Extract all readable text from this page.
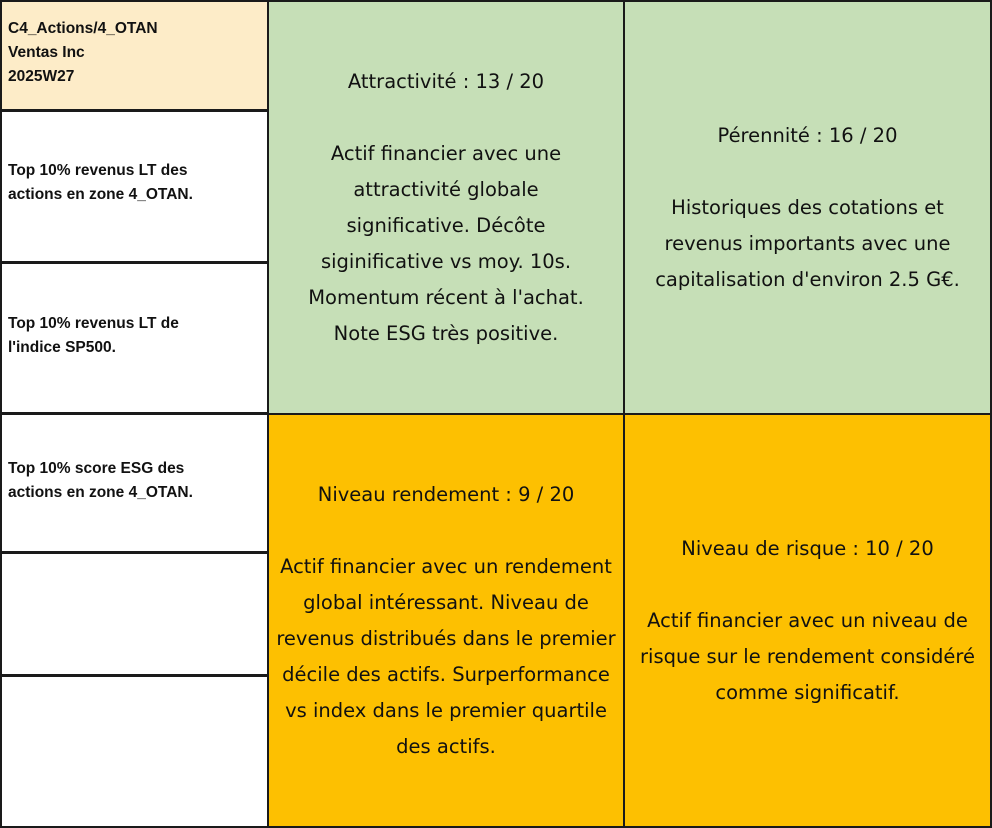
C4_Actions/4_OTAN
Ventas Inc
2025W27
Top 10% revenus LT des
actions en zone 4_OTAN.
Top 10% revenus LT de
l'indice SP500.
Top 10% score ESG des
actions en zone 4_OTAN.
Attractivité : 13 / 20
Actif financier avec une attractivité globale significative. Décôte siginificative vs moy. 10s. Momentum récent à l'achat. Note ESG très positive.
Pérennité : 16 / 20
Historiques des cotations et revenus importants avec une capitalisation d'environ 2.5 G€.
Niveau rendement : 9 / 20
Actif financier avec un rendement global intéressant. Niveau de revenus distribués dans le premier décile des actifs. Surperformance vs index dans le premier quartile des actifs.
Niveau de risque : 10 / 20
Actif financier avec un niveau de risque sur le rendement considéré comme significatif.
